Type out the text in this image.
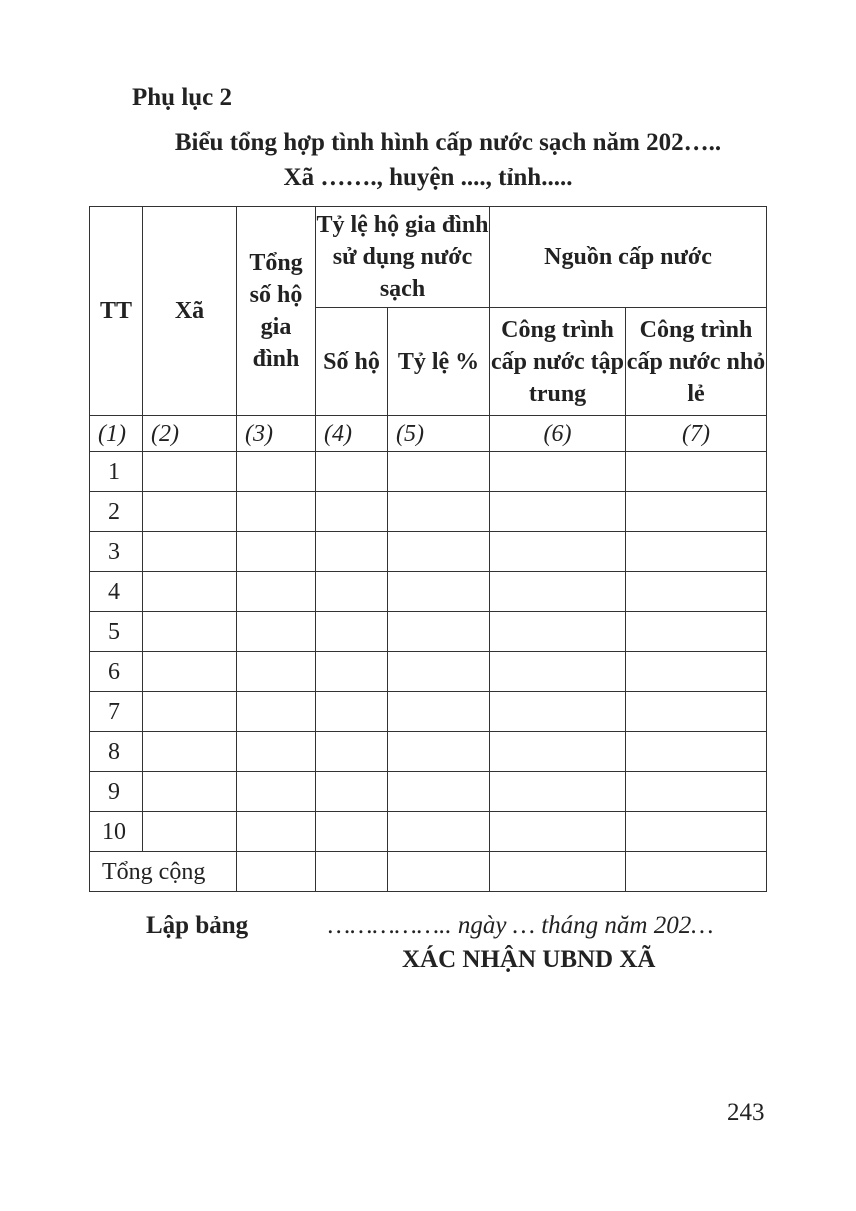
Phụ lục 2
Biểu tổng hợp tình hình cấp nước sạch năm 202…..
Xã ……., huyện ...., tỉnh.....
TT	Xã	Tổng số hộ gia đình	Tỷ lệ hộ gia đình sử dụng nước sạch		Nguồn cấp nước	
			Số hộ	Tỷ lệ %	Công trình cấp nước tập trung	Công trình cấp nước nhỏ lẻ
(1)	(2)	(3)	(4)	(5)	(6)	(7)
1						
2						
3						
4						
5						
6						
7						
8						
9						
10						
Tổng cộng						
Lập bảng	…………….. ngày … tháng năm 202…
XÁC NHẬN UBND XÃ
243
